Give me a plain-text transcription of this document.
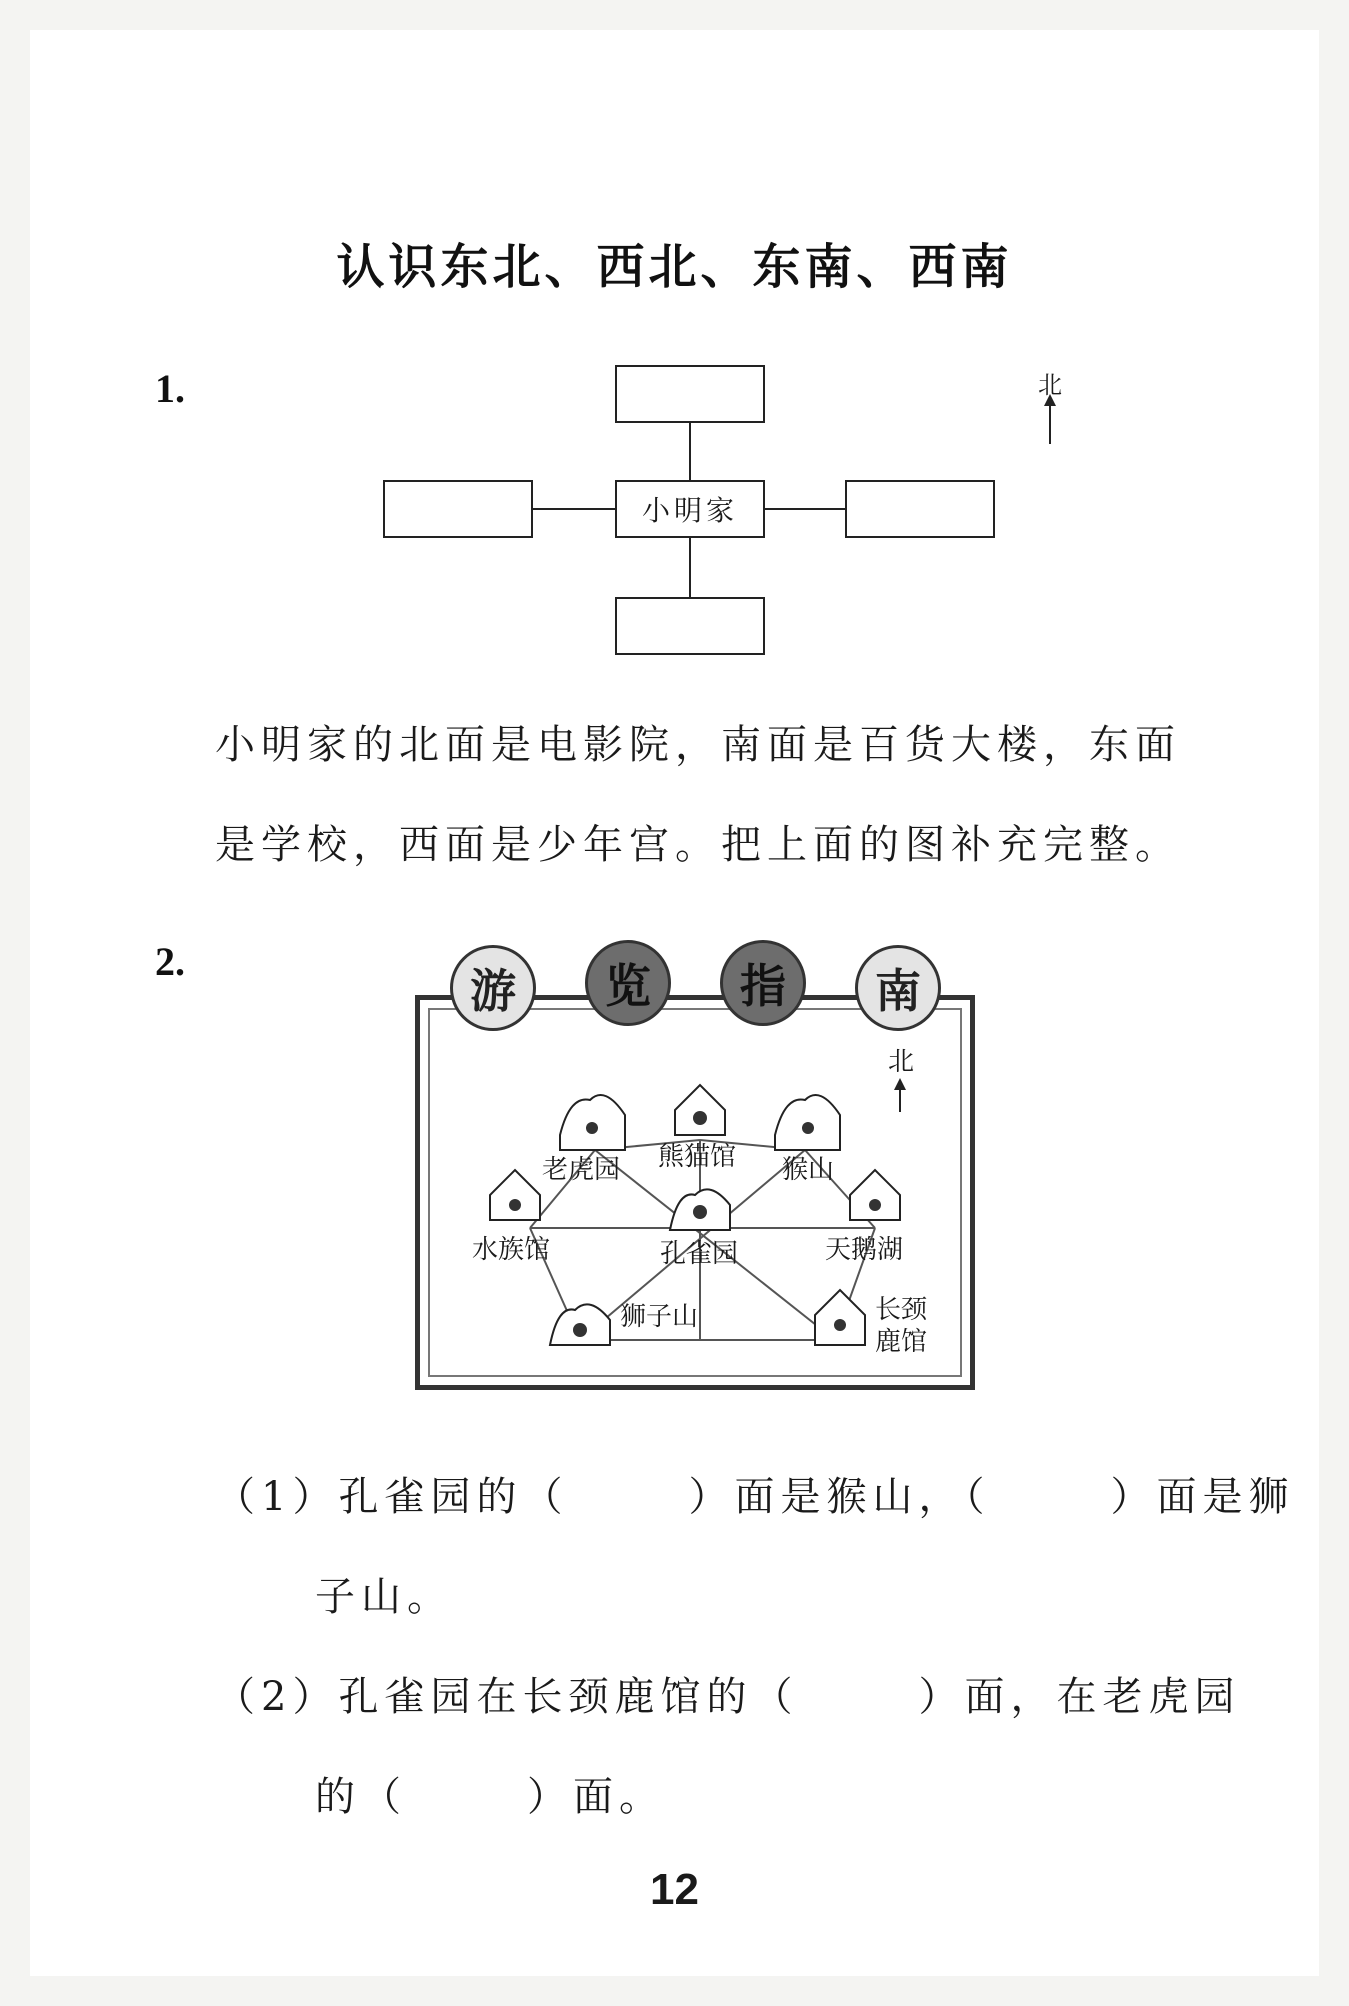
认识东北、西北、东南、西南
1.
小明家
北
小明家的北面是电影院，南面是百货大楼，东面
是学校，西面是少年宫。把上面的图补充完整。
2.
老虎园 熊猫馆 猴山
水族馆	孔雀园	天鹅湖
狮子山	长颈
鹿馆
北
游	览	指	南
（1）孔雀园的（	）面是猴山，（	）面是狮
子山。
（2）孔雀园在长颈鹿馆的（	）面，在老虎园
的（	）面。
12
